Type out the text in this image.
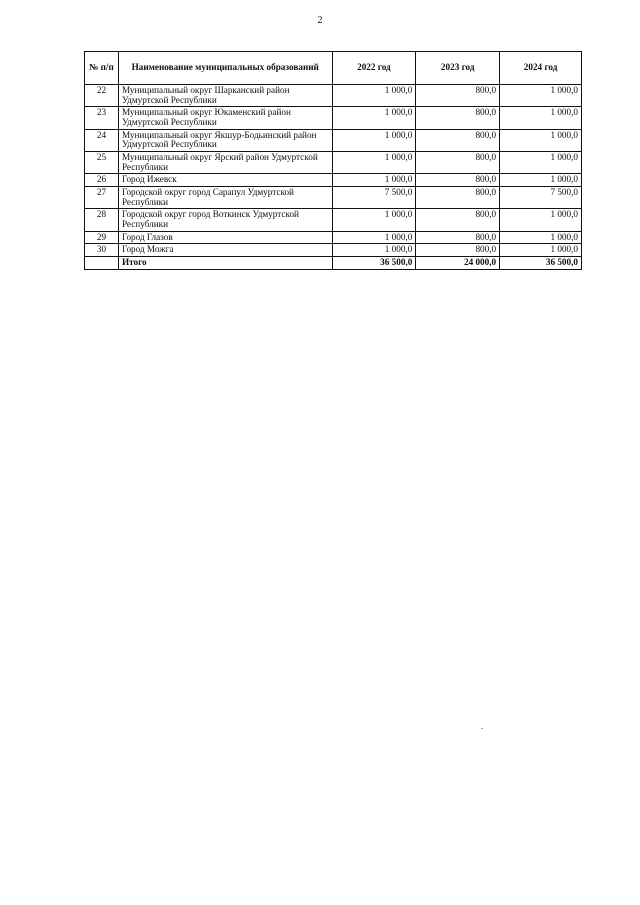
2
№ п/п	Наименование муниципальных образований	2022 год	2023 год	2024 год
22	Муниципальный округ Шарканский район Удмуртской Республики	1 000,0	800,0	1 000,0
23	Муниципальный округ Юкаменский район Удмуртской Республики	1 000,0	800,0	1 000,0
24	Муниципальный округ Якшур-Бодьинский район Удмуртской Республики	1 000,0	800,0	1 000,0
25	Муниципальный округ Ярский район Удмуртской Республики	1 000,0	800,0	1 000,0
26	Город Ижевск	1 000,0	800,0	1 000,0
27	Городской округ город Сарапул Удмуртской Республики	7 500,0	800,0	7 500,0
28	Городской округ город Воткинск Удмуртской Республики	1 000,0	800,0	1 000,0
29	Город Глазов	1 000,0	800,0	1 000,0
30	Город Можга	1 000,0	800,0	1 000,0
	Итого	36 500,0	24 000,0	36 500,0
.
